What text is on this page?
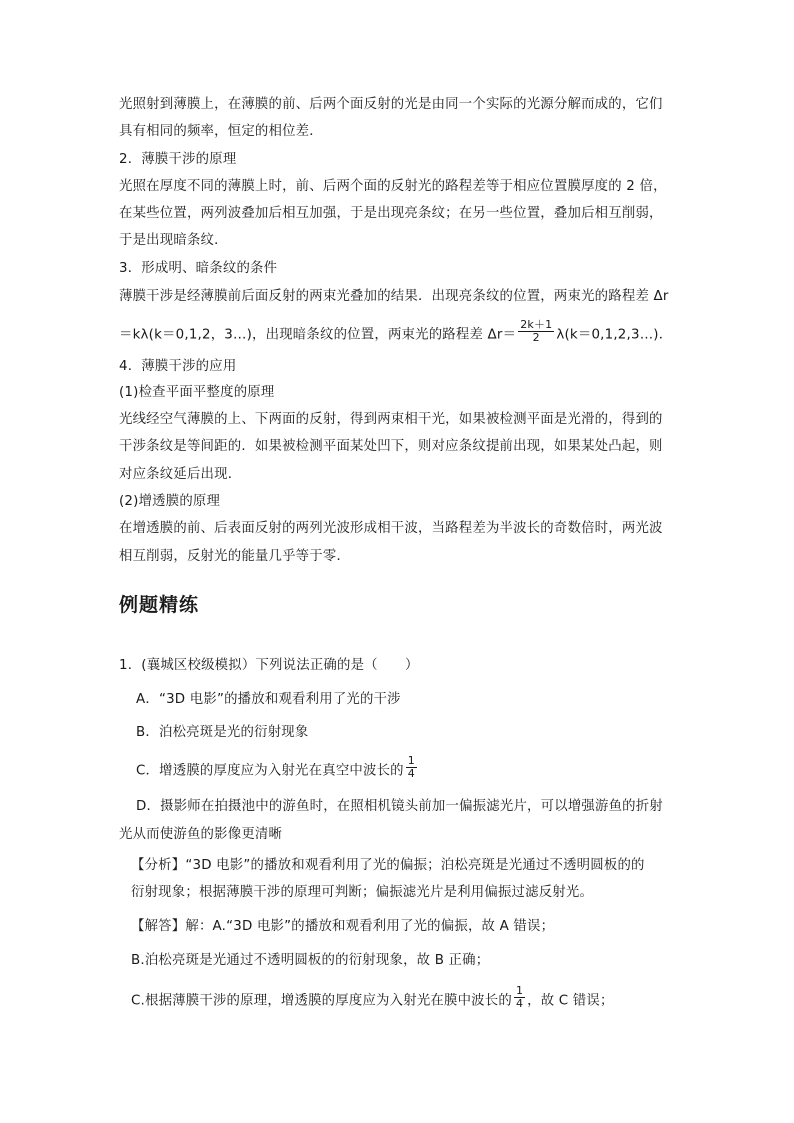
光照射到薄膜上，在薄膜的前、后两个面反射的光是由同一个实际的光源分解而成的，它们
具有相同的频率，恒定的相位差．
2．薄膜干涉的原理
光照在厚度不同的薄膜上时，前、后两个面的反射光的路程差等于相应位置膜厚度的 2 倍，
在某些位置，两列波叠加后相互加强，于是出现亮条纹；在另一些位置，叠加后相互削弱，
于是出现暗条纹．
3．形成明、暗条纹的条件
薄膜干涉是经薄膜前后面反射的两束光叠加的结果．出现亮条纹的位置，两束光的路程差 Δr
＝kλ(k＝0,1,2，3…)，出现暗条纹的位置，两束光的路程差 $\Delta r= \frac{2k+1}{2}$ λ(k＝0,1,2,3…)．
4．薄膜干涉的应用
(1)检查平面平整度的原理
光线经空气薄膜的上、下两面的反射，得到两束相干光，如果被检测平面是光滑的，得到的
干涉条纹是等间距的．如果被检测平面某处凹下，则对应条纹提前出现，如果某处凸起，则
对应条纹延后出现．
(2)增透膜的原理
在增透膜的前、后表面反射的两列光波形成相干波，当路程差为半波长的奇数倍时，两光波
相互削弱，反射光的能量几乎等于零．
例题精练
1．(襄城区校级模拟）下列说法正确的是（　　）
A．“3D 电影”的播放和观看利用了光的干涉
B．泊松亮斑是光的衍射现象
C．增透膜的厚度应为入射光在真空中波长的 $\frac{1}{4}$
D．摄影师在拍摄池中的游鱼时，在照相机镜头前加一偏振滤光片，可以增强游鱼的折射
光从而使游鱼的影像更清晰
【分析】“3D 电影”的播放和观看利用了光的偏振；泊松亮斑是光通过不透明圆板的的
衍射现象；根据薄膜干涉的原理可判断；偏振滤光片是利用偏振过滤反射光。
【解答】解：A.“3D 电影”的播放和观看利用了光的偏振，故 A 错误；
B.泊松亮斑是光通过不透明圆板的的衍射现象，故 B 正确；
C.根据薄膜干涉的原理，增透膜的厚度应为入射光在膜中波长的 $\frac{1}{4}$ ，故 C 错误；
